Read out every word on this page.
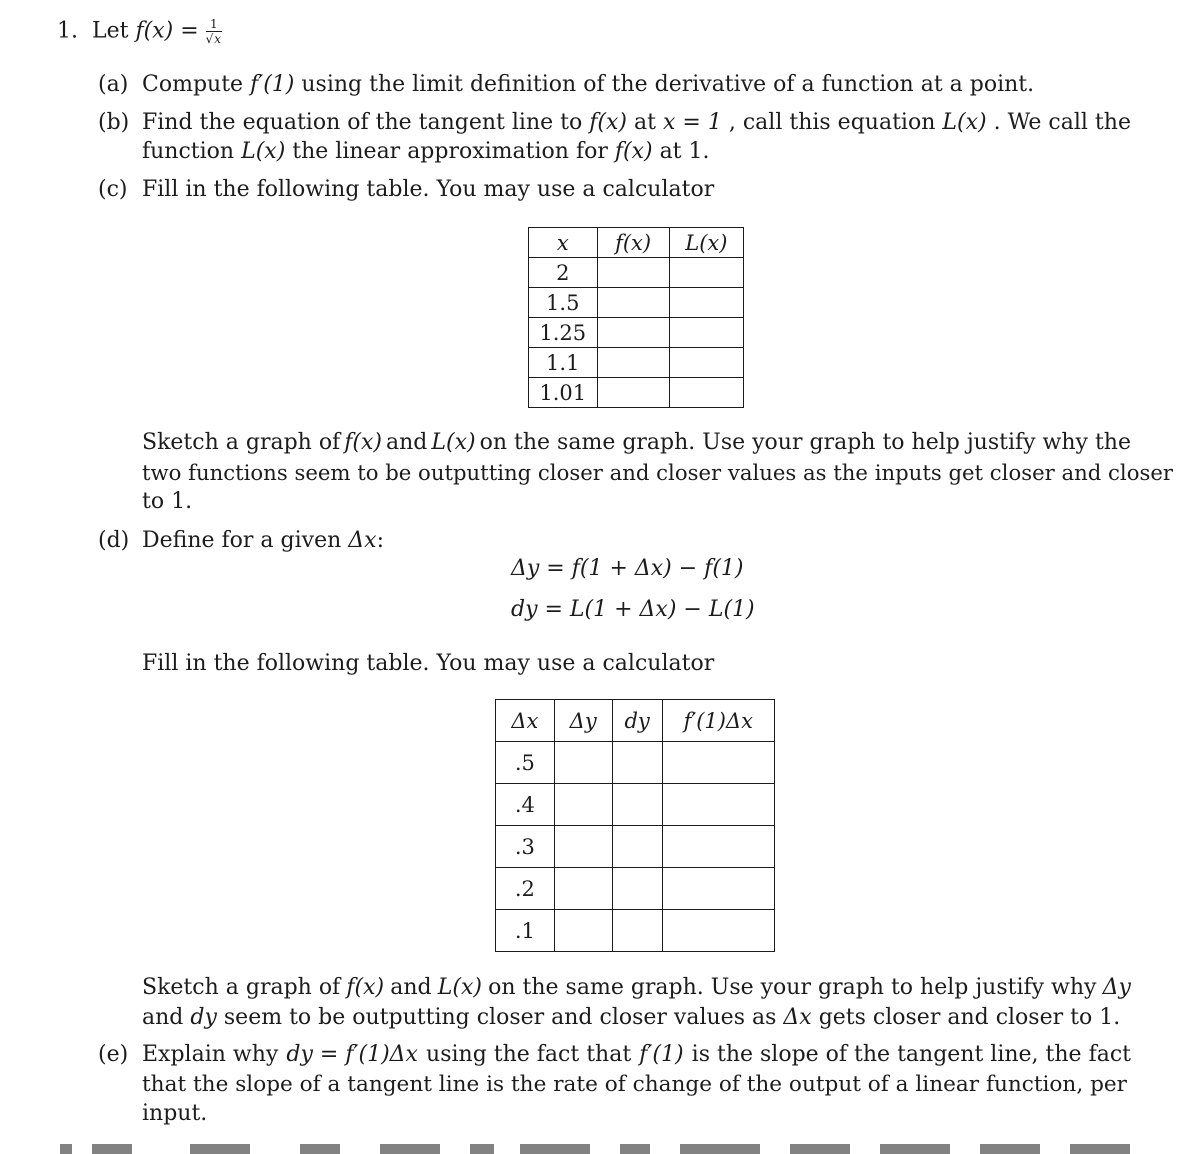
1. Let $f(x) = \frac{1}{√x}$
(a) Compute f′(1) using the limit definition of the derivative of a function at a point.
(b) Find the equation of the tangent line to f(x) at x = 1 , call this equation L(x) . We call the
function L(x) the linear approximation for f(x) at 1.
(c) Fill in the following table. You may use a calculator
x	f(x)	L(x)
2		
1.5		
1.25		
1.1		
1.01		
Sketch a graph of f(x) and L(x) on the same graph. Use your graph to help justify why the
two functions seem to be outputting closer and closer values as the inputs get closer and closer
to 1.
(d) Define for a given Δx:
Δy = f(1 + Δx) − f(1)
dy = L(1 + Δx) − L(1)
Fill in the following table. You may use a calculator
Δx	Δy	dy	f′(1)Δx
.5			
.4			
.3			
.2			
.1			
Sketch a graph of f(x) and L(x) on the same graph. Use your graph to help justify why Δy
and dy seem to be outputting closer and closer values as Δx gets closer and closer to 1.
(e) Explain why dy = f′(1)Δx using the fact that f′(1) is the slope of the tangent line, the fact
that the slope of a tangent line is the rate of change of the output of a linear function, per
input.
